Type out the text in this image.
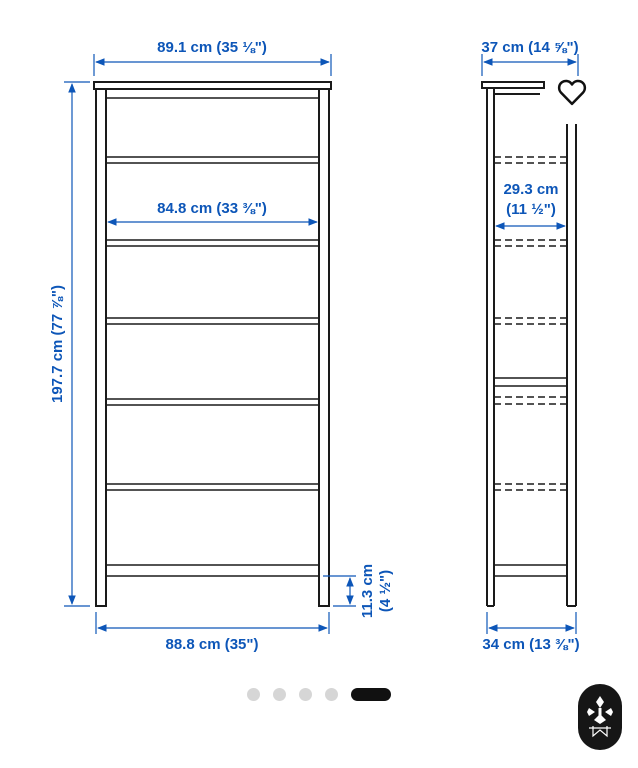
89.1 cm (35 ⅛")
84.8 cm (33 ⅜")
197.7 cm (77 ⅞")
88.8 cm (35")
11.3 cm (4 ½")
37 cm (14 ⅝")
29.3 cm
(11 ½")
34 cm (13 ⅜")
